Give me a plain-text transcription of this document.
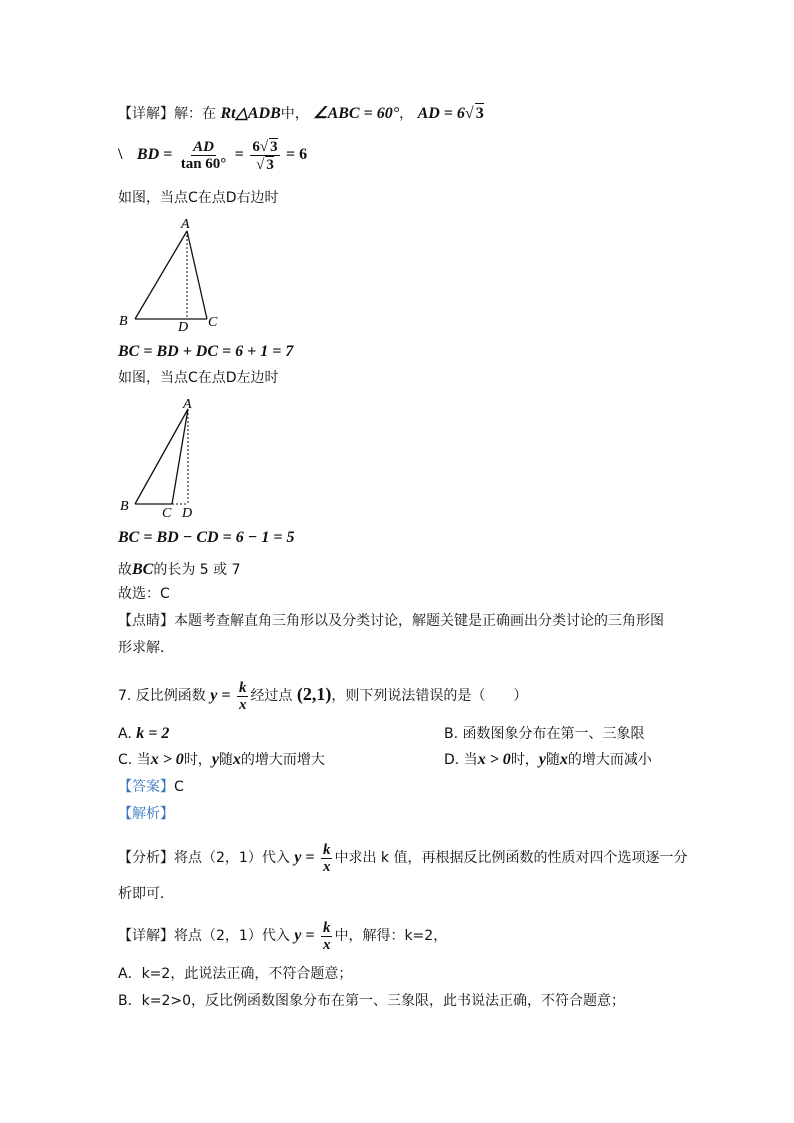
【详解】解：在 Rt△ADB中， ∠ABC = 60°， AD = 6√ 3
\ BD = $\frac{AD}{\tan 60^\circ} = \frac{6√ 3}{√ 3} = 6$
如图，当点C在点D右边时
A
B	D C
BC = BD + DC = 6 + 1 = 7
如图，当点C在点D左边时
A
B C D
BC = BD − CD = 6 − 1 = 5
故BC的长为 5 或 7
故选：C
【点睛】本题考查解直角三角形以及分类讨论，解题关键是正确画出分类讨论的三角形图
形求解．
7. 反比例函数 $y = \frac{k}{x}$ 经过点 (2,1)，则下列说法错误的是（　　）
A. k = 2	B. 函数图象分布在第一、三象限
C. 当x > 0时，y随x的增大而增大	D. 当x > 0时，y随x的增大而减小
【答案】C
【解析】
【分析】将点（2，1）代入 $y = \frac{k}{x}$ 中求出 k 值，再根据反比例函数的性质对四个选项逐一分
析即可．
【详解】将点（2，1）代入 $y = \frac{k}{x}$ 中，解得：k=2，
A．k=2，此说法正确，不符合题意；
B．k=2>0，反比例函数图象分布在第一、三象限，此书说法正确，不符合题意；
